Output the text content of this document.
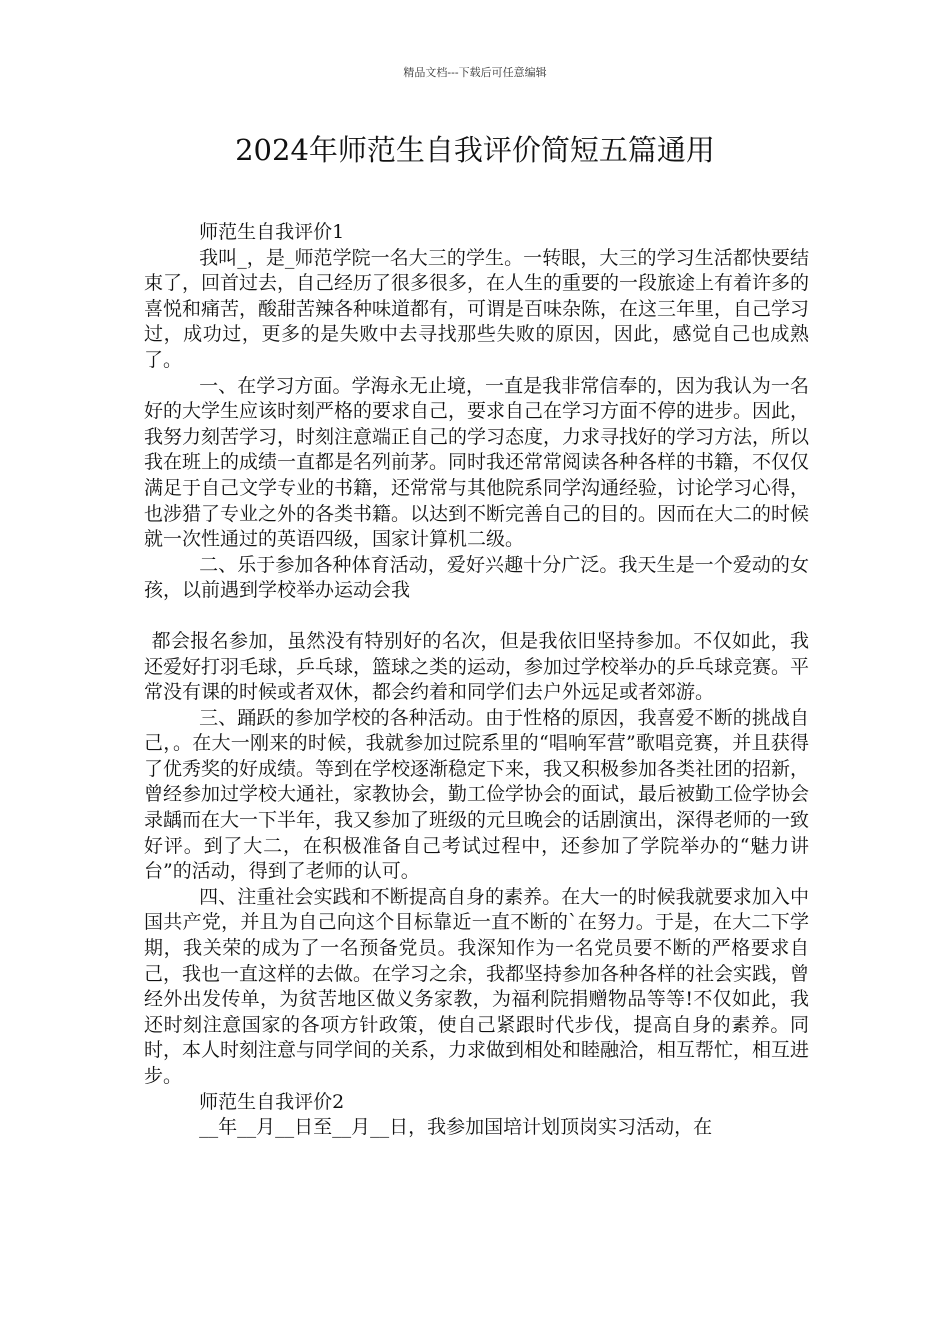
精品文档---下载后可任意编辑
2024年师范生自我评价简短五篇通用

师范生自我评价1

我叫_，是_师范学院一名大三的学生。一转眼，大三的学习生活都快要结束了，回首过去，自己经历了很多很多，在人生的重要的一段旅途上有着许多的喜悦和痛苦，酸甜苦辣各种味道都有，可谓是百味杂陈，在这三年里，自己学习过，成功过，更多的是失败中去寻找那些失败的原因，因此，感觉自己也成熟了。

一、在学习方面。学海永无止境，一直是我非常信奉的，因为我认为一名好的大学生应该时刻严格的要求自己，要求自己在学习方面不停的进步。因此，我努力刻苦学习，时刻注意端正自己的学习态度，力求寻找好的学习方法，所以我在班上的成绩一直都是名列前茅。同时我还常常阅读各种各样的书籍，不仅仅满足于自己文学专业的书籍，还常常与其他院系同学沟通经验，讨论学习心得，也涉猎了专业之外的各类书籍。以达到不断完善自己的目的。因而在大二的时候就一次性通过的英语四级，国家计算机二级。

二、乐于参加各种体育活动，爱好兴趣十分广泛。我天生是一个爱动的女孩，以前遇到学校举办运动会我

都会报名参加，虽然没有特别好的名次，但是我依旧坚持参加。不仅如此，我还爱好打羽毛球，乒乓球，篮球之类的运动，参加过学校举办的乒乓球竞赛。平常没有课的时候或者双休，都会约着和同学们去户外远足或者郊游。

三、踊跃的参加学校的各种活动。由于性格的原因，我喜爱不断的挑战自己，。在大一刚来的时候，我就参加过院系里的“唱响军营”歌唱竞赛，并且获得了优秀奖的好成绩。等到在学校逐渐稳定下来，我又积极参加各类社团的招新，曾经参加过学校大通社，家教协会，勤工俭学协会的面试，最后被勤工俭学协会录龋而在大一下半年，我又参加了班级的元旦晚会的话剧演出，深得老师的一致好评。到了大二，在积极准备自己考试过程中，还参加了学院举办的“魅力讲台”的活动，得到了老师的认可。

四、注重社会实践和不断提高自身的素养。在大一的时候我就要求加入中国共产党，并且为自己向这个目标靠近一直不断的`在努力。于是，在大二下学期，我关荣的成为了一名预备党员。我深知作为一名党员要不断的严格要求自己，我也一直这样的去做。在学习之余，我都坚持参加各种各样的社会实践，曾经外出发传单，为贫苦地区做义务家教，为福利院捐赠物品等等!不仅如此，我还时刻注意国家的各项方针政策，使自己紧跟时代步伐，提高自身的素养。同时，本人时刻注意与同学间的关系，力求做到相处和睦融洽，相互帮忙，相互进步。

师范生自我评价2

__年__月__日至__月__日，我参加国培计划顶岗实习活动，在
